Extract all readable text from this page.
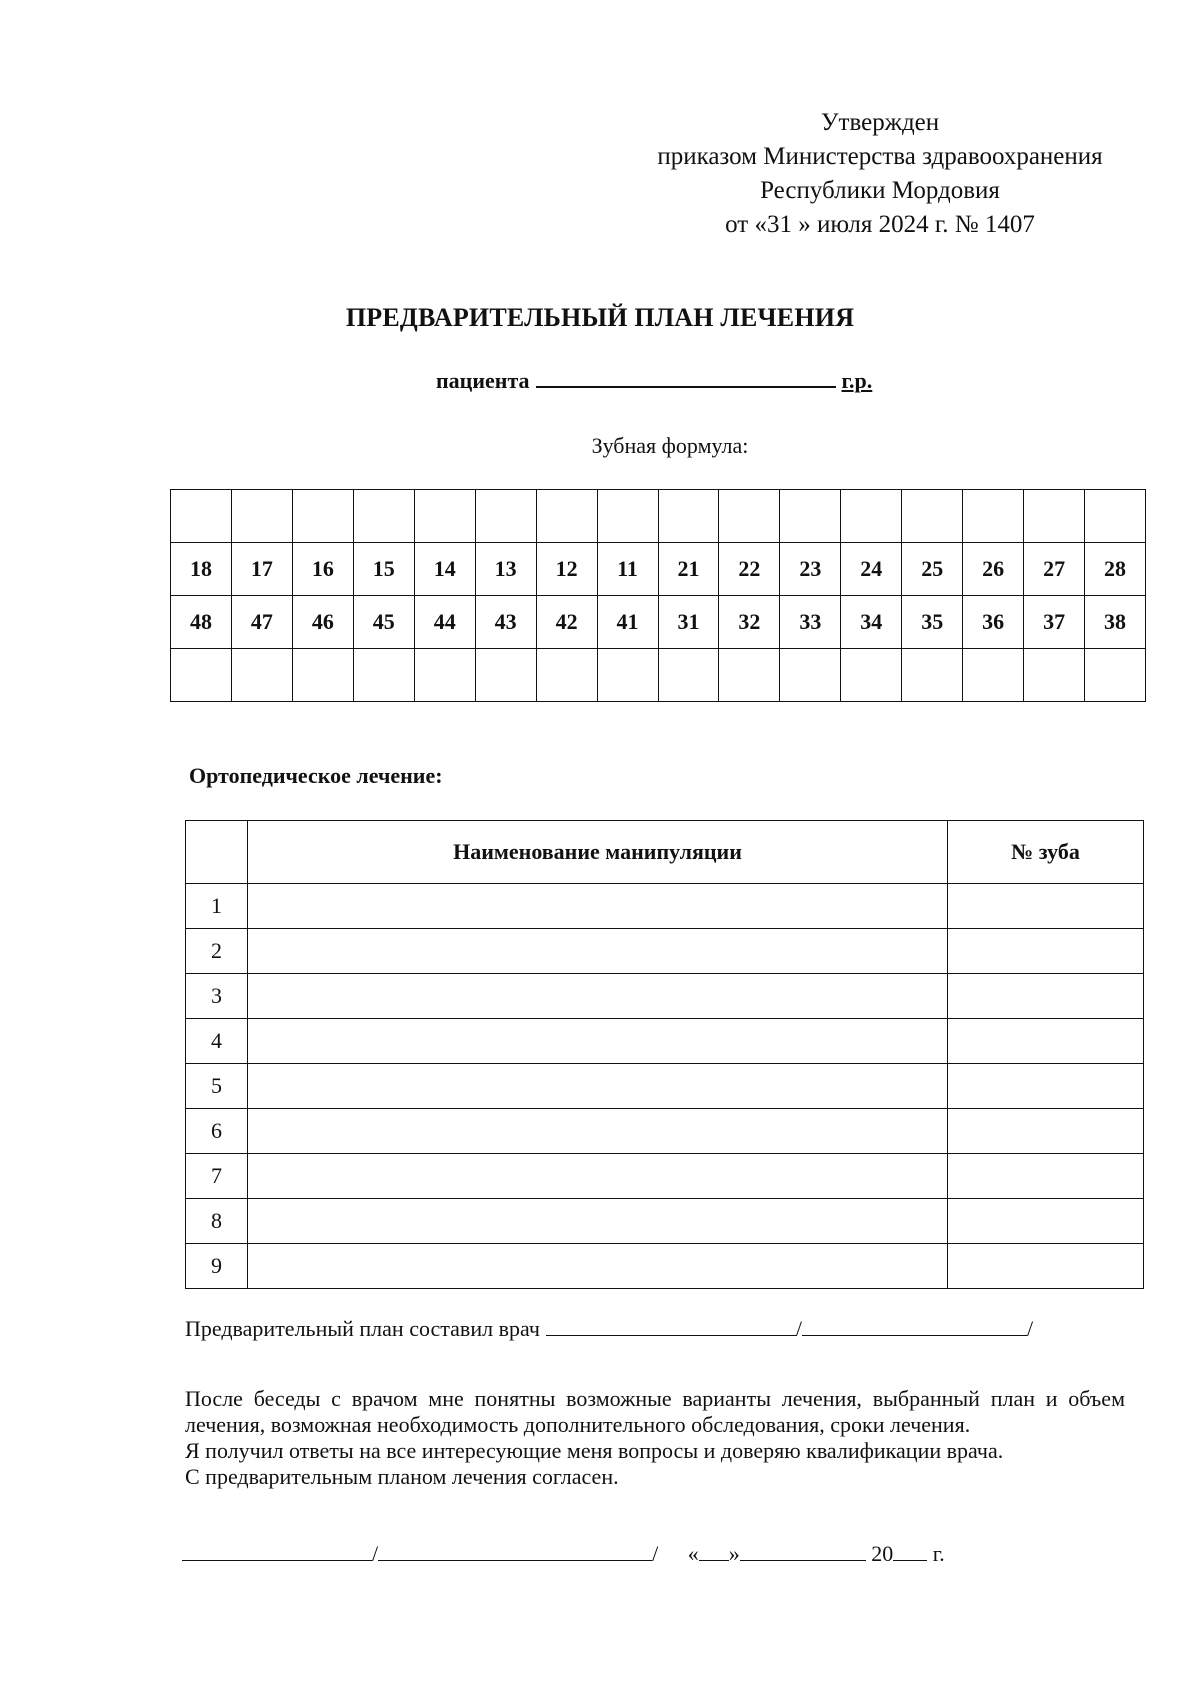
Утвержден
приказом Министерства здравоохранения
Республики Мордовия
от «31 » июля 2024 г. № 1407
ПРЕДВАРИТЕЛЬНЫЙ ПЛАН ЛЕЧЕНИЯ
пациента	г.р.
Зубная формула:

18	17	16	15	14	13	12	11	21	22	23	24	25	26	27	28
48	47	46	45	44	43	42	41	31	32	33	34	35	36	37	38

Ортопедическое лечение:
	Наименование манипуляции	№ зуба
1		
2		
3		
4		
5		
6		
7		
8		
9		
Предварительный план составил врач	/	/
После беседы с врачом мне понятны возможные варианты лечения, выбранный план и объем лечения, возможная необходимость дополнительного обследования, сроки лечения.
Я получил ответы на все интересующие меня вопросы и доверяю квалификации врача.
С предварительным планом лечения согласен.
/	/ « »	20 г.
